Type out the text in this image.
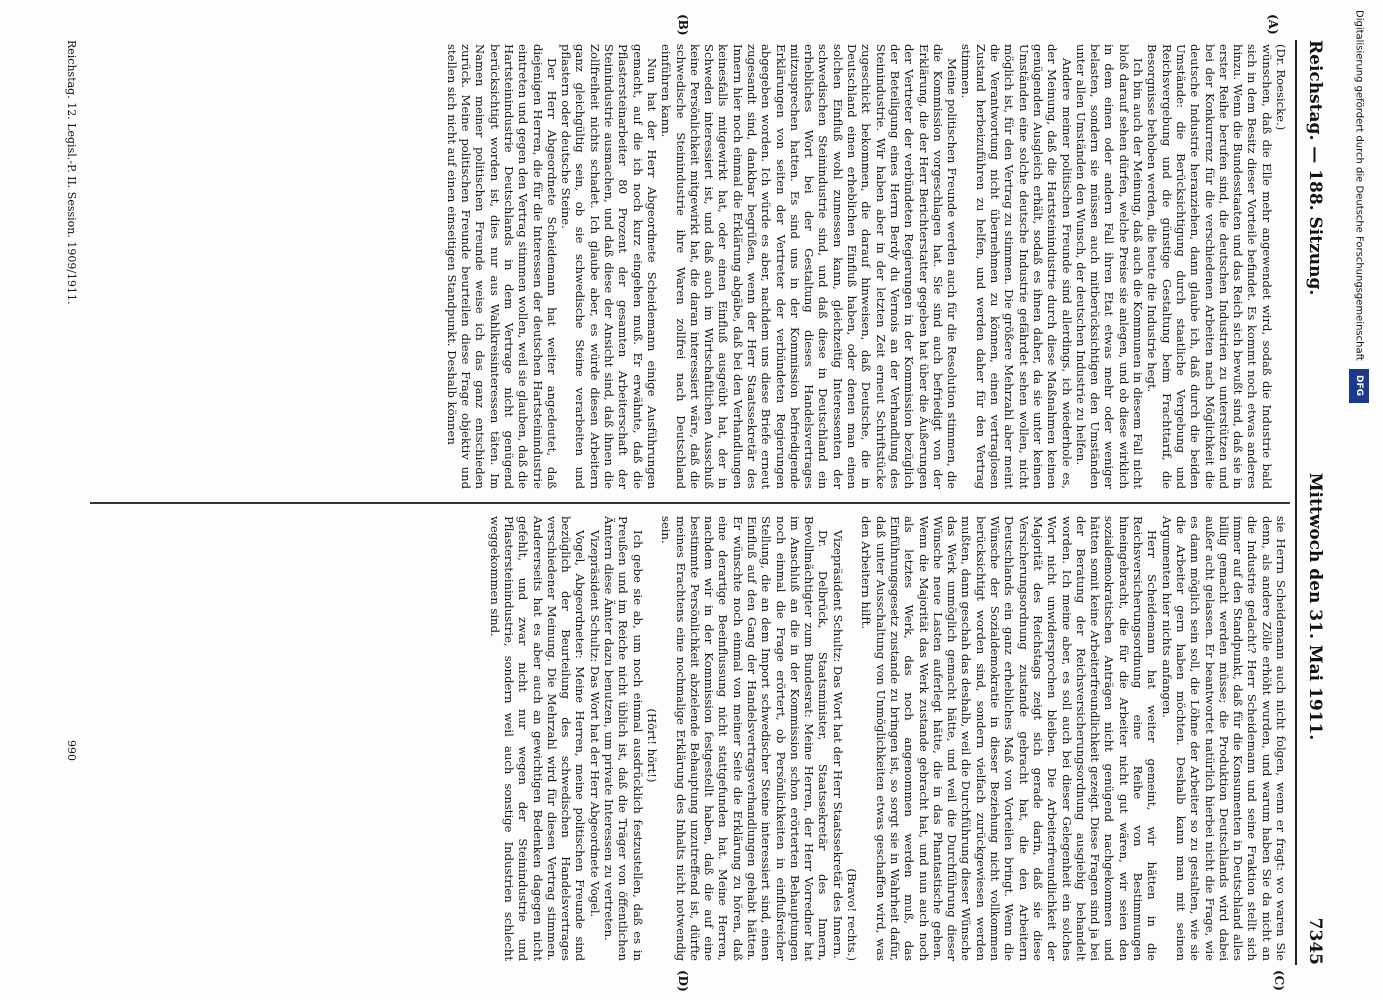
Reichstag. — 188. Sitzung.
Mittwoch den 31. Mai 1911.
7345
(A)
(B)
(C)
(D)

(Dr. Roesicke.)

wünschen, daß die Elle mehr angewendet wird, sodaß die Industrie bald sich in dem Besitz dieser Vorteile befindet. Es kommt noch etwas anderes hinzu. Wenn die Bundesstaaten und das Reich sich bewußt sind, daß sie in erster Reihe berufen sind, die deutschen Industrien zu unterstützen und bei der Konkurrenz für die verschiedenen Arbeiten nach Möglichkeit die deutsche Industrie heranziehen, dann glaube ich, daß durch die beiden Umstände: die Berücksichtigung durch staatliche Vergebung und Reichsvergebung und die günstige Gestaltung beim Frachttarif, die Besorgnisse behoben werden, die heute die Industrie hegt.

Ich bin auch der Meinung, daß auch die Kommunen in diesem Fall nicht bloß darauf sehen dürfen, welche Preise sie anlegen, und ob diese wirklich in dem einen oder andern Fall ihren Etat etwas mehr oder weniger belasten, sondern sie müssen auch mitberücksichtigen den Umständen unter allen Umständen den Wunsch, der deutschen Industrie zu helfen.

Andere meiner politischen Freunde sind allerdings, ich wiederhole es, der Meinung, daß die Hartsteinindustrie durch diese Maßnahmen keinen genügenden Ausgleich erhält, sodaß es ihnen daher, da sie unter keinen Umständen eine solche deutsche Industrie gefährdet sehen wollen, nicht möglich ist, für den Vertrag zu stimmen. Die größere Mehrzahl aber meint die Verantwortung nicht übernehmen zu können, einen vertraglosen Zustand herbeizuführen zu helfen, und werden daher für den Vertrag stimmen.

Meine politischen Freunde werden auch für die Resolution stimmen, die die Kommission vorgeschlagen hat. Sie sind auch befriedigt von der Erklärung, die der Herr Berichterstatter gegeben hat über die Äußerungen der Vertreter der verbündeten Regierungen in der Kommission bezüglich der Beteiligung eines Herrn Berdy du Vernois an der Verhandlung des Steinindustrie. Wir haben aber in der letzten Zeit erneut Schriftstücke zugeschickt bekommen, die darauf hinweisen, daß Deutsche, die in Deutschland einen erheblichen Einfluß haben, oder denen man einen solchen Einfluß wohl zumessen kann, gleichzeitig Interessenten der schwedischen Steinindustrie sind, und daß diese in Deutschland ein erhebliches Wort bei der Gestaltung dieses Handelsvertrages mitzusprechen hatten. Es sind uns in der Kommission befriedigende Erklärungen von seiten der Vertreter der verbündeten Regierungen abgegeben worden. Ich würde es aber, nachdem uns diese Briefe erneut zugesandt sind, dankbar begrüßen, wenn der Herr Staatssekretär des Innern hier noch einmal die Erklärung abgäbe, daß bei den Verhandlungen keinesfalls mitgewirkt hat, oder einen Einfluß ausgeübt hat, der in Schweden interessiert ist, und daß auch im Wirtschaftlichen Ausschuß keine Persönlichkeit mitgewirkt hat, die daran interessiert wäre, daß die schwedische Steinindustrie ihre Waren zollfrei nach Deutschland einführen kann.

Nun hat der Herr Abgeordnete Scheidemann einige Ausführungen gemacht, auf die ich noch kurz eingehen muß. Er erwähnte, daß die Pflastersteinarbeiter 80 Prozent der gesamten Arbeiterschaft der Steinindustrie ausmachen, und daß diese der Ansicht sind, daß ihnen die Zollfreiheit nichts schadet. Ich glaube aber, es würde diesen Arbeitern ganz gleichgültig sein, ob sie schwedische Steine verarbeiten und pflastern oder deutsche Steine.

Der Herr Abgeordnete Scheidemann hat weiter angedeutet, daß diejenigen Herren, die für die Interessen der deutschen Hartsteinindustrie eintreten und gegen den Vertrag stimmen wollen, weil sie glauben, daß die Hartsteinindustrie Deutschlands in dem Vertrage nicht genügend berücksichtigt worden ist, dies nur aus Wahlkreisinteressen täten. Im Namen meiner politischen Freunde weise ich das ganz entschieden zurück. Meine politischen Freunde beurteilen diese Frage objektiv und stellen sich nicht auf einen einseitigen Standpunkt. Deshalb können

sie Herrn Scheidemann auch nicht folgen, wenn er fragt: wo waren Sie denn, als andere Zölle erhöht wurden, und warum haben Sie da nicht an die Industrie gedacht? Herr Scheidemann und seine Fraktion stellt sich immer auf den Standpunkt, daß für die Konsumenten in Deutschland alles billig gemacht werden müsse; die Produktion Deutschlands wird dabei außer acht gelassen. Er beantwortet natürlich hierbei nicht die Frage, wie es dann möglich sein soll, die Löhne der Arbeiter so zu gestalten, wie sie die Arbeiter gern haben möchten. Deshalb kann man mit seinen Argumenten hier nichts anfangen.

Herr Scheidemann hat weiter gemeint, wir hätten in die Reichsversicherungsordnung eine Reihe von Bestimmungen hineingebracht, die für die Arbeiter nicht gut wären, wir seien den sozialdemokratischen Anträgen nicht genügend nachgekommen und hätten somit keine Arbeiterfreundlichkeit gezeigt. Diese Fragen sind ja bei der Beratung der Reichsversicherungsordnung ausgiebig behandelt worden. Ich meine aber, es soll auch bei dieser Gelegenheit ein solches Wort nicht unwidersprochen bleiben. Die Arbeiterfreundlichkeit der Majorität des Reichstags zeigt sich gerade darin, daß sie diese Versicherungsordnung zustande gebracht hat, die den Arbeitern Deutschlands ein ganz erhebliches Maß von Vorteilen bringt. Wenn die Wünsche der Sozialdemokratie in dieser Beziehung nicht vollkommen berücksichtigt worden sind, sondern vielfach zurückgewiesen werden mußten, dann geschah das deshalb, weil die Durchführung dieser Wünsche das Werk unmöglich gemacht hätte, und weil die Durchführung dieser Wünsche neue Lasten auferlegt hätte, die in das Phantastische gehen. Wenn die Majorität das Werk zustande gebracht hat, und nun auch noch als letztes Werk, das noch angenommen werden muß, das Einführungsgesetz zustande zu bringen ist, so sorgt sie in Wahrheit dafür, daß unter Ausschaltung von Unmöglichkeiten etwas geschaffen wird, was den Arbeitern hilft.

(Bravo! rechts.)

Vizepräsident Schultz: Das Wort hat der Herr Staatssekretär des Innern.

Dr. Delbrück, Staatsminister, Staatssekretär des Innern, Bevollmächtigter zum Bundesrat: Meine Herren, der Herr Vorredner hat im Anschluß an die in der Kommission schon erörterten Behauptungen noch einmal die Frage erörtert, ob Persönlichkeiten in einflußreicher Stellung, die an dem Import schwedischer Steine interessiert sind, einen Einfluß auf den Gang der Handelsvertragsverhandlungen gehabt hätten. Er wünschte noch einmal von meiner Seite die Erklärung zu hören, daß eine derartige Beeinflussung nicht stattgefunden hat. Meine Herren, nachdem wir in der Kommission festgestellt haben, daß die auf eine bestimmte Persönlichkeit abzielende Behauptung unzutreffend ist, dürfte meines Erachtens eine nochmalige Erklärung des Inhalts nicht notwendig sein.

(Hört! hört!)

Ich gebe sie ab, um noch einmal ausdrücklich festzustellen, daß es in Preußen und im Reiche nicht üblich ist, daß die Träger von öffentlichen Ämtern diese Ämter dazu benutzen, um private Interessen zu vertreten.

Vizepräsident Schultz: Das Wort hat der Herr Abgeordnete Vogel.

Vogel, Abgeordneter: Meine Herren, meine politischen Freunde sind bezüglich der Beurteilung des schwedischen Handelsvertrages verschiedener Meinung. Die Mehrzahl wird für diesen Vertrag stimmen. Andererseits hat es aber auch an gewichtigen Bedenken dagegen nicht gefehlt, und zwar nicht nur wegen der Steinindustrie und Pflastersteinindustrie, sondern weil auch sonstige Industrien schlecht weggekommen sind.

Reichstag. 12. Legisl.-P. II. Session. 1909/1911.
990
Digitalisierung gefördert durch die Deutsche Forschungsgemeinschaft
DFG
